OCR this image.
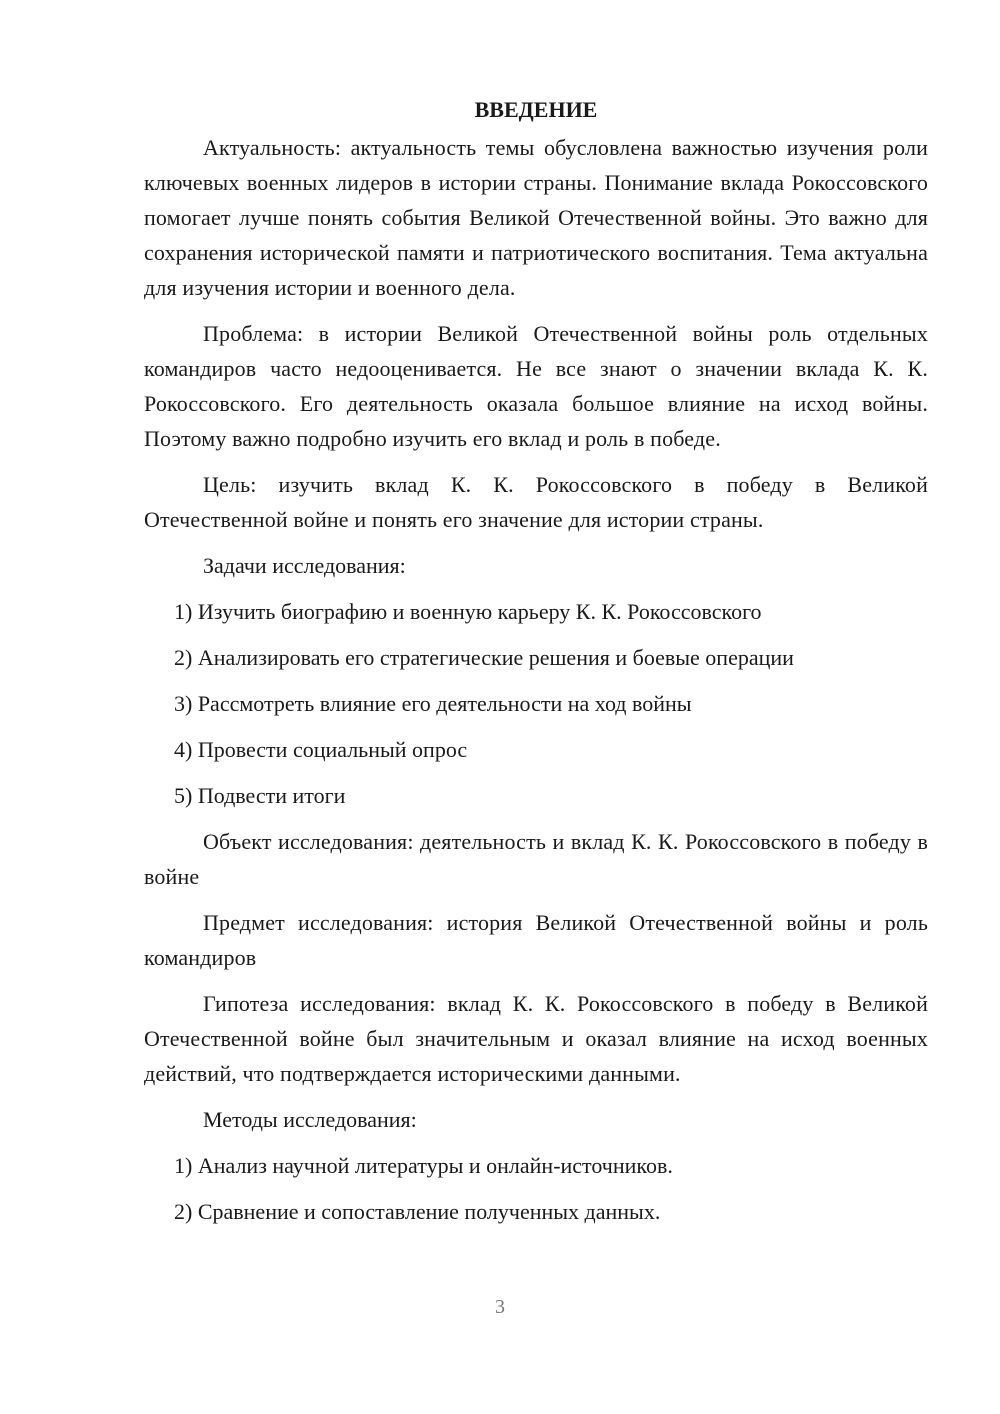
ВВЕДЕНИЕ

Актуальность: актуальность темы обусловлена важностью изучения роли ключевых военных лидеров в истории страны. Понимание вклада Рокоссовского помогает лучше понять события Великой Отечественной войны. Это важно для сохранения исторической памяти и патриотического воспитания. Тема актуальна для изучения истории и военного дела.

Проблема: в истории Великой Отечественной войны роль отдельных командиров часто недооценивается. Не все знают о значении вклада К. К. Рокоссовского. Его деятельность оказала большое влияние на исход войны. Поэтому важно подробно изучить его вклад и роль в победе.

Цель: изучить вклад К. К. Рокоссовского в победу в Великой Отечественной войне и понять его значение для истории страны.

Задачи исследования:

1) Изучить биографию и военную карьеру К. К. Рокоссовского

2) Анализировать его стратегические решения и боевые операции

3) Рассмотреть влияние его деятельности на ход войны

4) Провести социальный опрос

5) Подвести итоги

Объект исследования: деятельность и вклад К. К. Рокоссовского в победу в войне

Предмет исследования: история Великой Отечественной войны и роль командиров

Гипотеза исследования: вклад К. К. Рокоссовского в победу в Великой Отечественной войне был значительным и оказал влияние на исход военных действий, что подтверждается историческими данными.

Методы исследования:

1) Анализ научной литературы и онлайн-источников.

2) Сравнение и сопоставление полученных данных.

3
